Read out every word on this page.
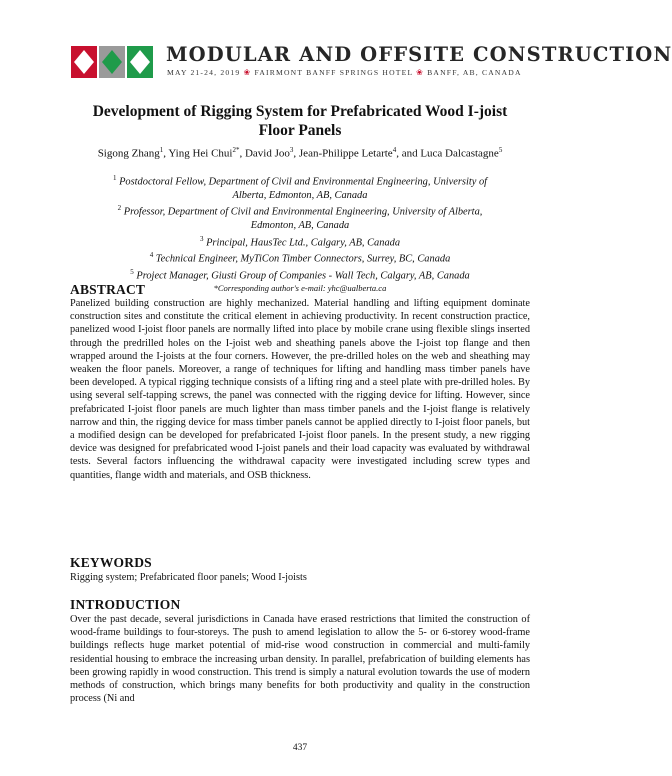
MODULAR AND OFFSITE CONSTRUCTION
MAY 21-24, 2019 ❀ FAIRMONT BANFF SPRINGS HOTEL ❀ BANFF, AB, CANADA
Development of Rigging System for Prefabricated Wood I-joist
Floor Panels
Sigong Zhang$^1$, Ying Hei Chui$^{2*}$, David Joo$^3$, Jean-Philippe Letarte$^4$, and Luca Dalcastagne$^5$
$^1$ Postdoctoral Fellow, Department of Civil and Environmental Engineering, University of
Alberta, Edmonton, AB, Canada
$^2$ Professor, Department of Civil and Environmental Engineering, University of Alberta,
Edmonton, AB, Canada
$^3$ Principal, HausTec Ltd., Calgary, AB, Canada
$^4$ Technical Engineer, MyTiCon Timber Connectors, Surrey, BC, Canada
$^5$ Project Manager, Giusti Group of Companies - Wall Tech, Calgary, AB, Canada
*Corresponding author's e-mail: yhc@ualberta.ca
ABSTRACT
Panelized building construction are highly mechanized. Material handling and lifting equipment dominate construction sites and constitute the critical element in achieving productivity. In recent construction practice, panelized wood I-joist floor panels are normally lifted into place by mobile crane using flexible slings inserted through the predrilled holes on the I-joist web and sheathing panels above the I-joist top flange and then wrapped around the I-joists at the four corners. However, the pre-drilled holes on the web and sheathing may weaken the floor panels. Moreover, a range of techniques for lifting and handling mass timber panels have been developed. A typical rigging technique consists of a lifting ring and a steel plate with pre-drilled holes. By using several self-tapping screws, the panel was connected with the rigging device for lifting. However, since prefabricated I-joist floor panels are much lighter than mass timber panels and the I-joist flange is relatively narrow and thin, the rigging device for mass timber panels cannot be applied directly to I-joist floor panels, but a modified design can be developed for prefabricated I-joist floor panels. In the present study, a new rigging device was designed for prefabricated wood I-joist panels and their load capacity was evaluated by withdrawal tests. Several factors influencing the withdrawal capacity were investigated including screw types and quantities, flange width and materials, and OSB thickness.
KEYWORDS
Rigging system; Prefabricated floor panels; Wood I-joists
INTRODUCTION
Over the past decade, several jurisdictions in Canada have erased restrictions that limited the construction of wood-frame buildings to four-storeys. The push to amend legislation to allow the 5- or 6-storey wood-frame buildings reflects huge market potential of mid-rise wood construction in commercial and multi-family residential housing to embrace the increasing urban density. In parallel, prefabrication of building elements has been growing rapidly in wood construction. This trend is simply a natural evolution towards the use of modern methods of construction, which brings many benefits for both productivity and quality in the construction process (Ni and
437
